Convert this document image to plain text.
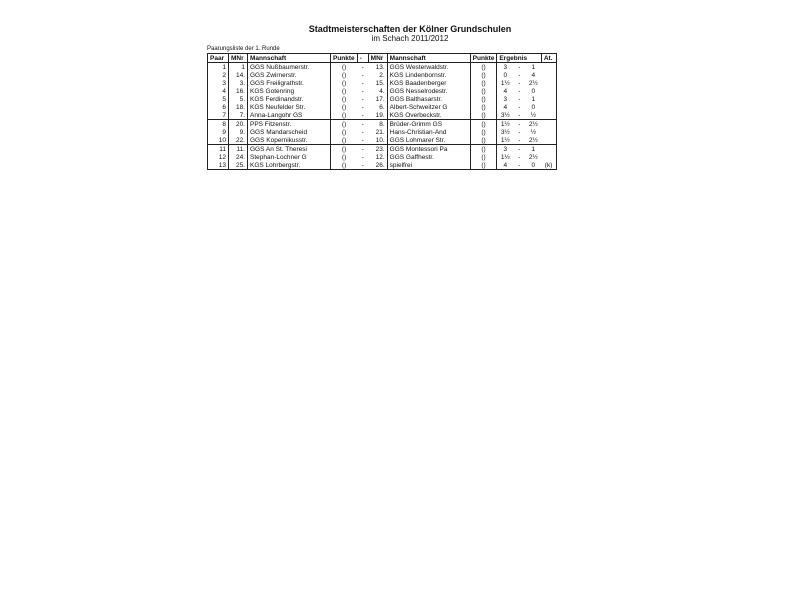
Stadtmeisterschaften der Kölner Grundschulen
im Schach 2011/2012
Paarungsliste der 1. Runde
Paar	MNr	Mannschaft	Punkte	-	MNr	Mannschaft	Punkte	Ergebnis			At.
1	1	GGS Nußbaumerstr.	()	-	13.	GGS Westerwaldstr.	()	3	-	1	
2	14.	GGS Zwirnerstr.	()	-	2.	KGS Lindenbornstr.	()	0	-	4	
3	3.	GGS Freiligrathstr.	()	-	15.	KGS Baadenberger	()	1½	-	2½	
4	16.	KGS Gotenring	()	-	4.	GGS Nesselrodestr.	()	4	-	0	
5	5.	KGS Ferdinandstr.	()	-	17.	GGS Balthasarstr.	()	3	-	1	
6	18.	KGS Neufelder Str.	()	-	6.	Albert-Schweitzer G	()	4	-	0	
7	7.	Anna-Langohr GS	()	-	19.	KGS Overbeckstr.	()	3½	-	½	
8	20.	PPS Fitzenstr.	()	-	8.	Brüder-Grimm GS	()	1½	-	2½	
9	9.	GGS Mandarscheid	()	-	21.	Hans-Christian-And	()	3½	-	½	
10	22.	GGS Kopernikusstr.	()	-	10.	GGS Lohmarer Str.	()	1½	-	2½	
11	11.	GGS An St. Theresi	()	-	23.	GGS Montessori Pa	()	3	-	1	
12	24.	Stephan-Lochner G	()	-	12.	GGS Gaffhestr.	()	1½	-	2½	
13	25.	KGS Lohrbergstr.	()	-	26.	spielfrei	()	4	-	0	(k)
